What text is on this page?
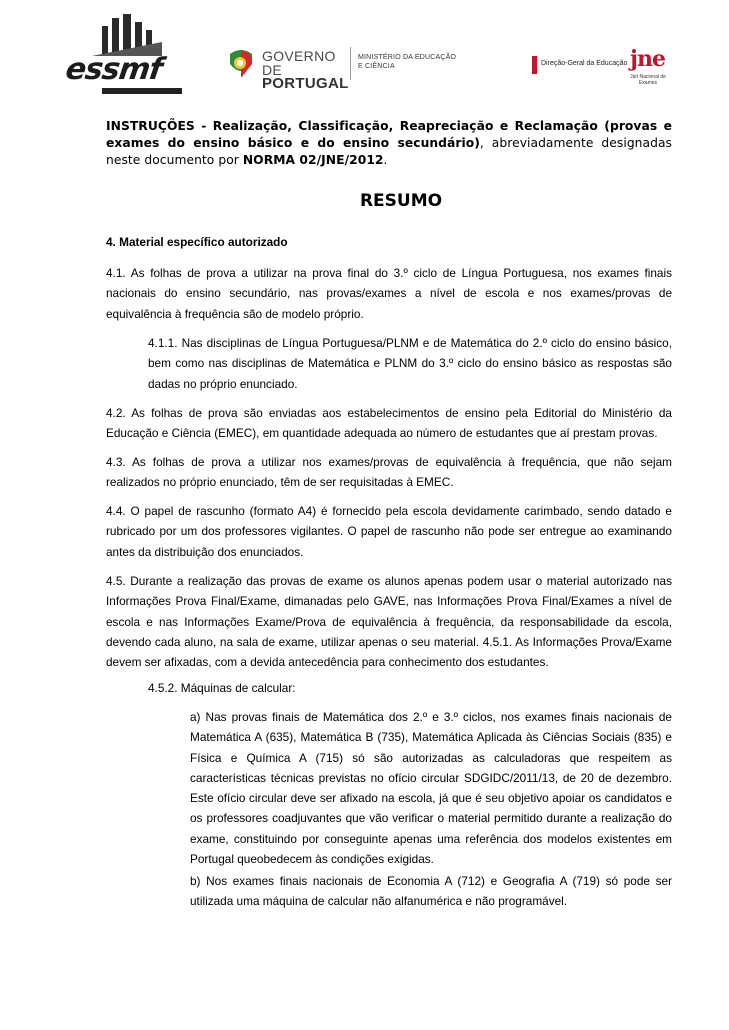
essmf	GOVERNO DE
PORTUGAL
MINISTÉRIO DA EDUCAÇÃO
E CIÊNCIA	Direção-Geral da Educação jne
Júri Nacional de Exames

INSTRUÇÕES - Realização, Classificação, Reapreciação e Reclamação (provas e exames do ensino básico e do ensino secundário), abreviadamente designadas neste documento por NORMA 02/JNE/2012.

RESUMO

4. Material específico autorizado

4.1. As folhas de prova a utilizar na prova final do 3.º ciclo de Língua Portuguesa, nos exames finais nacionais do ensino secundário, nas provas/exames a nível de escola e nos exames/provas de equivalência à frequência são de modelo próprio.

4.1.1. Nas disciplinas de Língua Portuguesa/PLNM e de Matemática do 2.º ciclo do ensino básico, bem como nas disciplinas de Matemática e PLNM do 3.º ciclo do ensino básico as respostas são dadas no próprio enunciado.

4.2. As folhas de prova são enviadas aos estabelecimentos de ensino pela Editorial do Ministério da Educação e Ciência (EMEC), em quantidade adequada ao número de estudantes que aí prestam provas.

4.3. As folhas de prova a utilizar nos exames/provas de equivalência à frequência, que não sejam realizados no próprio enunciado, têm de ser requisitadas à EMEC.

4.4. O papel de rascunho (formato A4) é fornecido pela escola devidamente carimbado, sendo datado e rubricado por um dos professores vigilantes. O papel de rascunho não pode ser entregue ao examinando antes da distribuição dos enunciados.

4.5. Durante a realização das provas de exame os alunos apenas podem usar o material autorizado nas Informações Prova Final/Exame, dimanadas pelo GAVE, nas Informações Prova Final/Exames a nível de escola e nas Informações Exame/Prova de equivalência à frequência, da responsabilidade da escola, devendo cada aluno, na sala de exame, utilizar apenas o seu material. 4.5.1. As Informações Prova/Exame devem ser afixadas, com a devida antecedência para conhecimento dos estudantes.

4.5.2. Máquinas de calcular:

a) Nas provas finais de Matemática dos 2.º e 3.º ciclos, nos exames finais nacionais de Matemática A (635), Matemática B (735), Matemática Aplicada às Ciências Sociais (835) e Física e Química A (715) só são autorizadas as calculadoras que respeitem as características técnicas previstas no ofício circular SDGIDC/2011/13, de 20 de dezembro. Este ofício circular deve ser afixado na escola, já que é seu objetivo apoiar os candidatos e os professores coadjuvantes que vão verificar o material permitido durante a realização do exame, constituindo por conseguinte apenas uma referência dos modelos existentes em Portugal queobedecem às condições exigidas.

b) Nos exames finais nacionais de Economia A (712) e Geografia A (719) só pode ser utilizada uma máquina de calcular não alfanumérica e não programável.
